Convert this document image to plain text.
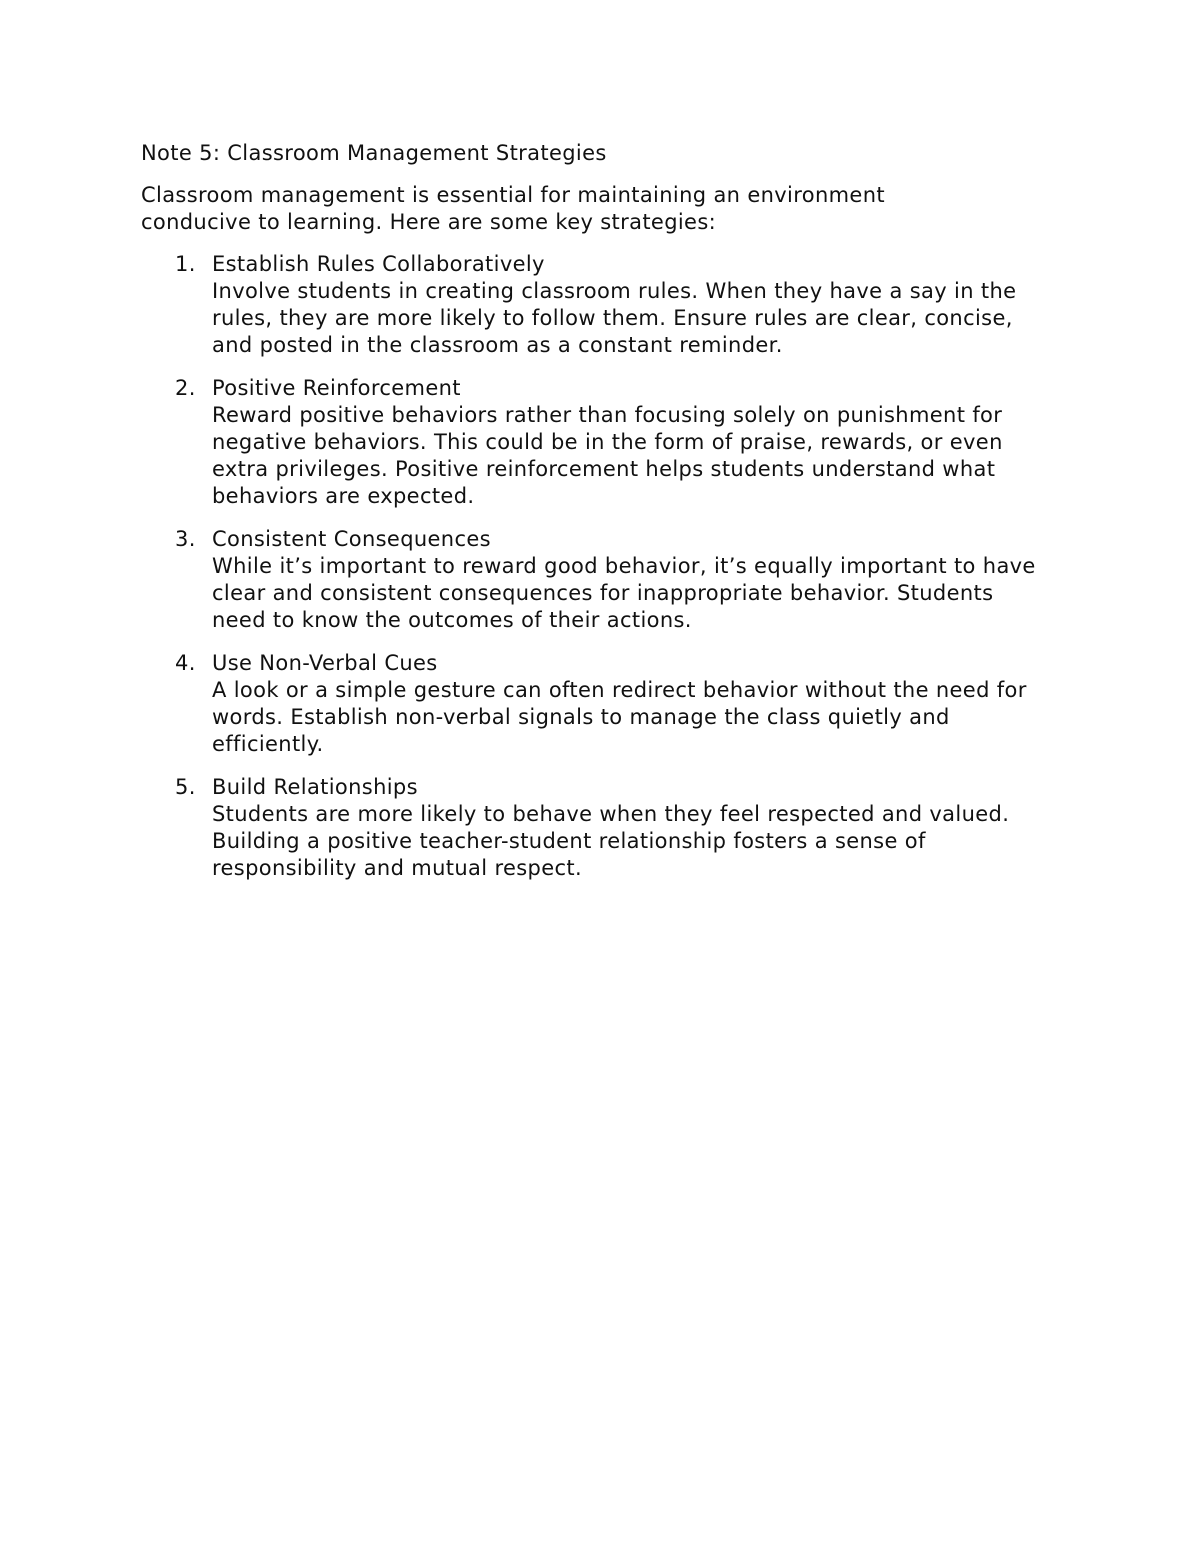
Note 5: Classroom Management Strategies

Classroom management is essential for maintaining an environment conducive to learning. Here are some key strategies:

1. Establish Rules Collaboratively
Involve students in creating classroom rules. When they have a say in the rules, they are more likely to follow them. Ensure rules are clear, concise, and posted in the classroom as a constant reminder.
2. Positive Reinforcement
Reward positive behaviors rather than focusing solely on punishment for negative behaviors. This could be in the form of praise, rewards, or even extra privileges. Positive reinforcement helps students understand what behaviors are expected.
3. Consistent Consequences
While it’s important to reward good behavior, it’s equally important to have clear and consistent consequences for inappropriate behavior. Students need to know the outcomes of their actions.
4. Use Non-Verbal Cues
A look or a simple gesture can often redirect behavior without the need for words. Establish non-verbal signals to manage the class quietly and efficiently.
5. Build Relationships
Students are more likely to behave when they feel respected and valued. Building a positive teacher-student relationship fosters a sense of responsibility and mutual respect.
